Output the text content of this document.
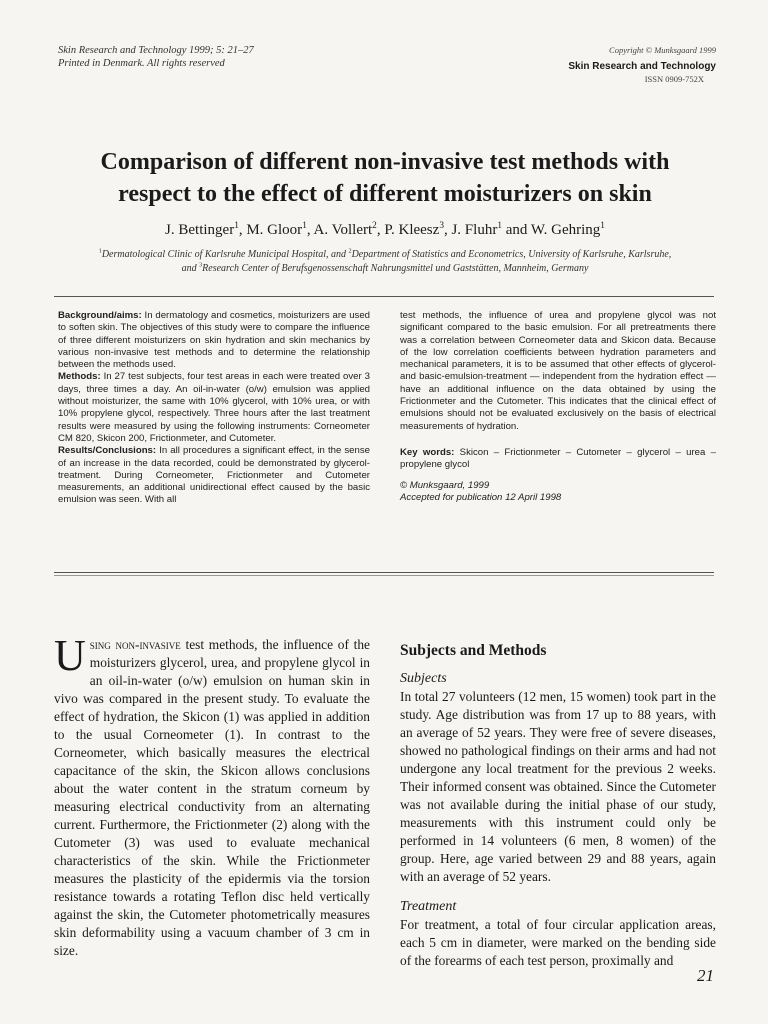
Skin Research and Technology 1999; 5: 21–27
Printed in Denmark. All rights reserved
Copyright © Munksgaard 1999
Skin Research and Technology
ISSN 0909-752X
Comparison of different non-invasive test methods with
respect to the effect of different moisturizers on skin
J. Bettinger$^1$, M. Gloor$^1$, A. Vollert$^2$, P. Kleesz$^3$, J. Fluhr$^1$ and W. Gehring$^1$
$^1$Dermatological Clinic of Karlsruhe Municipal Hospital, and $^2$Department of Statistics and Econometrics, University of Karlsruhe, Karlsruhe,
and $^3$Research Center of Berufsgenossenschaft Nahrungsmittel und Gaststätten, Mannheim, Germany

Background/aims: In dermatology and cosmetics, moisturizers are used to soften skin. The objectives of this study were to compare the influence of three different moisturizers on skin hydration and skin mechanics by various non-invasive test methods and to determine the relationship between the methods used.

Methods: In 27 test subjects, four test areas in each were treated over 3 days, three times a day. An oil-in-water (o/w) emulsion was applied without moisturizer, the same with 10% glycerol, with 10% urea, or with 10% propylene glycol, respectively. Three hours after the last treatment results were measured by using the following instruments: Corneometer CM 820, Skicon 200, Frictionmeter, and Cutometer.

Results/Conclusions: In all procedures a significant effect, in the sense of an increase in the data recorded, could be demonstrated by glycerol-treatment. During Corneometer, Frictionmeter and Cutometer measurements, an additional unidirectional effect caused by the basic emulsion was seen. With all

test methods, the influence of urea and propylene glycol was not significant compared to the basic emulsion. For all pretreatments there was a correlation between Corneometer data and Skicon data. Because of the low correlation coefficients between hydration parameters and mechanical parameters, it is to be assumed that other effects of glycerol- and basic-emulsion-treatment — independent from the hydration effect — have an additional influence on the data obtained by using the Frictionmeter and the Cutometer. This indicates that the clinical effect of emulsions should not be evaluated exclusively on the basis of electrical measurements of hydration.

Key words: Skicon – Frictionmeter – Cutometer – glycerol – urea – propylene glycol

© Munksgaard, 1999

Accepted for publication 12 April 1998

Using non-invasive test methods, the influence of the moisturizers glycerol, urea, and propylene glycol in an oil-in-water (o/w) emulsion on human skin in vivo was compared in the present study. To evaluate the effect of hydration, the Skicon (1) was applied in addition to the usual Corneometer (1). In contrast to the Corneometer, which basically measures the electrical capacitance of the skin, the Skicon allows conclusions about the water content in the stratum corneum by measuring electrical conductivity from an alternating current. Furthermore, the Frictionmeter (2) along with the Cutometer (3) was used to evaluate mechanical characteristics of the skin. While the Frictionmeter measures the plasticity of the epidermis via the torsion resistance towards a rotating Teflon disc held vertically against the skin, the Cutometer photometrically measures skin deformability using a vacuum chamber of 3 cm in size.

Subjects and Methods
Subjects

In total 27 volunteers (12 men, 15 women) took part in the study. Age distribution was from 17 up to 88 years, with an average of 52 years. They were free of severe diseases, showed no pathological findings on their arms and had not undergone any local treatment for the previous 2 weeks. Their informed consent was obtained. Since the Cutometer was not available during the initial phase of our study, measurements with this instrument could only be performed in 14 volunteers (6 men, 8 women) of the group. Here, age varied between 29 and 88 years, again with an average of 52 years.

Treatment

For treatment, a total of four circular application areas, each 5 cm in diameter, were marked on the bending side of the forearms of each test person, proximally and

21
